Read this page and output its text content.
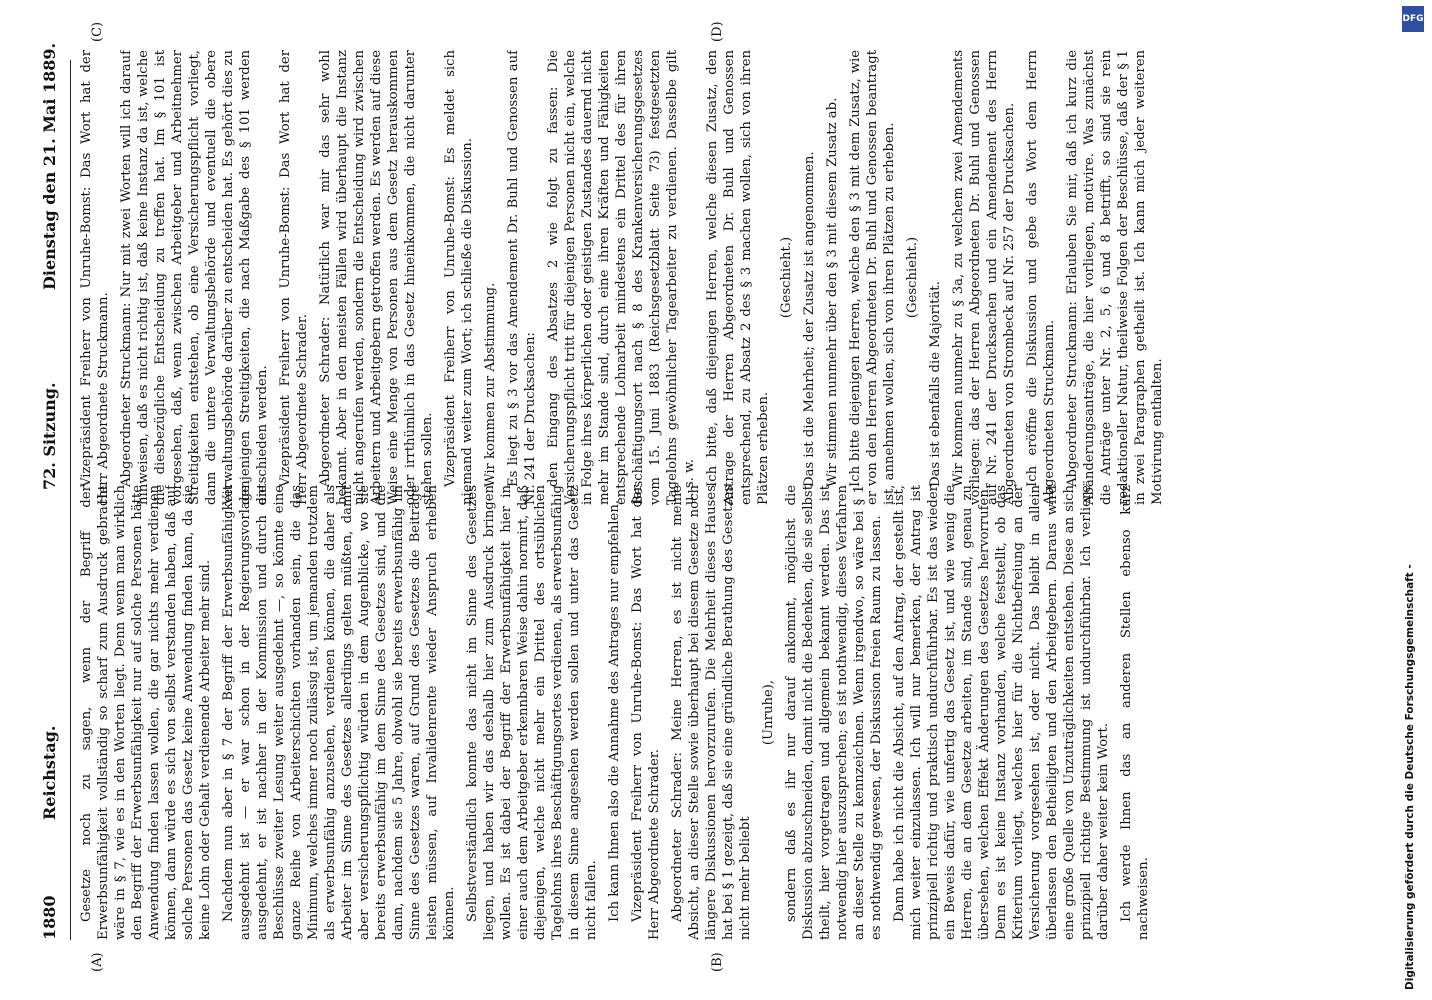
1880
Reichstag.
72. Sitzung.
Dienstag den 21. Mai 1889.
(A)	(B)
(C)	(D)

Gesetze noch zu sagen, wenn der Begriff der Erwerbsunfähigkeit vollständig so scharf zum Ausdruck gebracht wäre in § 7, wie es in den Worten liegt. Denn wenn man wirklich den Begriff der Erwerbsunfähigkeit nur auf solche Personen hätte Anwendung finden lassen wollen, die gar nichts mehr verdienen können, dann würde es sich von selbst verstanden haben, daß auf solche Personen das Gesetz keine Anwendung finden kann, da sie keine Lohn oder Gehalt verdienende Arbeiter mehr sind. Nachdem nun aber in § 7 der Begriff der Erwerbsunfähigkeit ausgedehnt ist — er war schon in der Regierungsvorlage ausgedehnt, er ist nachher in der Kommission und durch die Beschlüsse zweiter Lesung weiter ausgedehnt —, so könnte eine ganze Reihe von Arbeiterschichten vorhanden sein, die das Minimum, welches immer noch zulässig ist, um jemanden trotzdem als erwerbsunfähig anzusehen, verdienen können, die daher als Arbeiter im Sinne des Gesetzes allerdings gelten müßten, damit aber versicherungspflichtig würden in dem Augenblicke, wo sie bereits erwerbsunfähig im dem Sinne des Gesetzes sind, und die dann, nachdem sie 5 Jahre, obwohl sie bereits erwerbsunfähig im Sinne des Gesetzes waren, auf Grund des Gesetzes die Beiträge leisten müssen, auf Invalidenrente wieder Anspruch erheben können. Selbstverständlich konnte das nicht im Sinne des Gesetzes liegen, und haben wir das deshalb hier zum Ausdruck bringen wollen. Es ist dabei der Begriff der Erwerbsunfähigkeit hier in einer auch dem Arbeitgeber erkennbaren Weise dahin normirt, daß diejenigen, welche nicht mehr ein Drittel des ortsüblichen Tagelohns ihres Beschäftigungsortes verdienen, als erwerbsunfähig in diesem Sinne angesehen werden sollen und unter das Gesetz nicht fallen. Ich kann Ihnen also die Annahme des Antrages nur empfehlen. Vizepräsident Freiherr von Unruhe-Bomst: Das Wort hat der Herr Abgeordnete Schrader. Abgeordneter Schrader: Meine Herren, es ist nicht meine Absicht, an dieser Stelle sowie überhaupt bei diesem Gesetze noch längere Diskussionen hervorzurufen. Die Mehrheit dieses Hauses hat bei § 1 gezeigt, daß sie eine gründliche Berathung des Gesetzes nicht mehr beliebt

(Unruhe), sondern daß es ihr nur darauf ankommt, möglichst die Diskussion abzuschneiden, damit nicht die Bedenken, die sie selbst theilt, hier vorgetragen und allgemein bekannt werden. Das ist notwendig hier auszusprechen; es ist nothwendig, dieses Verfahren an dieser Stelle zu kennzeichnen. Wenn irgendwo, so wäre bei § 1 es nothwendig gewesen, der Diskussion freien Raum zu lassen. Dann habe ich nicht die Absicht, auf den Antrag, der gestellt ist, mich weiter einzulassen. Ich will nur bemerken, der Antrag ist prinzipiell richtig und praktisch undurchführbar. Es ist das wieder ein Beweis dafür, wie unfertig das Gesetz ist, und wie wenig die Herren, die an dem Gesetze arbeiten, im Stande sind, genau zu übersehen, welchen Effekt Änderungen des Gesetzes hervorrufen. Denn es ist keine Instanz vorhanden, welche feststellt, ob das Kriterium vorliegt, welches hier für die Nichtbefreiung an der Versicherung vorgesehen ist, oder nicht. Das bleibt in allein überlassen den Betheiligten und den Arbeitgebern. Daraus wird eine große Quelle von Unzuträglichkeiten entstehen. Diese an sich prinzipiell richtige Bestimmung ist undurchführbar. Ich verliere darüber daher weiter kein Wort. Ich werde Ihnen das an anderen Stellen ebenso kurz nachweisen.

Vizepräsident Freiherr von Unruhe-Bomst: Das Wort hat der Herr Abgeordnete Struckmann. Abgeordneter Struckmann: Nur mit zwei Worten will ich darauf hinweisen, daß es nicht richtig ist, daß keine Instanz da ist, welche die diesbezügliche Entscheidung zu treffen hat. Im § 101 ist vorgesehen, daß, wenn zwischen Arbeitgeber und Arbeitnehmer Streitigkeiten entstehen, ob eine Versicherungspflicht vorliegt, dann die untere Verwaltungsbehörde und eventuell die obere Verwaltungsbehörde darüber zu entscheiden hat. Es gehört dies zu denjenigen Streitigkeiten, die nach Maßgabe des § 101 werden entschieden werden. Vizepräsident Freiherr von Unruhe-Bomst: Das Wort hat der Herr Abgeordnete Schrader. Abgeordneter Schrader: Natürlich war mir das sehr wohl bekannt. Aber in den meisten Fällen wird überhaupt die Instanz nicht angerufen werden, sondern die Entscheidung wird zwischen Arbeitern und Arbeitgebern getroffen werden. Es werden auf diese Weise eine Menge von Personen aus dem Gesetz herauskommen oder irrthümlich in das Gesetz hineinkommen, die nicht darunter stehen sollen. Vizepräsident Freiherr von Unruhe-Bomst: Es meldet sich niemand weiter zum Wort; ich schließe die Diskussion. Wir kommen zur Abstimmung. Es liegt zu § 3 vor das Amendement Dr. Buhl und Genossen auf Nr. 241 der Drucksachen: den Eingang des Absatzes 2 wie folgt zu fassen: Die Versicherungspflicht tritt für diejenigen Personen nicht ein, welche in Folge ihres körperlichen oder geistigen Zustandes dauernd nicht mehr im Stande sind, durch eine ihren Kräften und Fähigkeiten entsprechende Lohnarbeit mindestens ein Drittel des für ihren Beschäftigungsort nach § 8 des Krankenversicherungsgesetzes vom 15. Juni 1883 (Reichsgesetzblatt Seite 73) festgesetzten Tagelohns gewöhnlicher Tagearbeiter zu verdienen. Dasselbe gilt u. s. w. Ich bitte, daß diejenigen Herren, welche diesen Zusatz, den Antrage der Herren Abgeordneten Dr. Buhl und Genossen entsprechend, zu Absatz 2 des § 3 machen wollen, sich von ihren Plätzen erheben.

(Geschieht.) Das ist die Mehrheit; der Zusatz ist angenommen. Wir stimmen nunmehr über den § 3 mit diesem Zusatz ab. Ich bitte diejenigen Herren, welche den § 3 mit dem Zusatz, wie er von den Herren Abgeordneten Dr. Buhl und Genossen beantragt ist, annehmen wollen, sich von ihren Plätzen zu erheben. (Geschieht.)

Das ist ebenfalls die Majorität. Wir kommen nunmehr zu § 3a, zu welchem zwei Amendements vorliegen: das der Herren Abgeordneten Dr. Buhl und Genossen auf Nr. 241 der Drucksachen und ein Amendement des Herrn Abgeordneten von Strombeck auf Nr. 257 der Drucksachen. Ich eröffne die Diskussion und gebe das Wort dem Herrn Abgeordneten Struckmann. Abgeordneter Struckmann: Erlauben Sie mir, daß ich kurz die Abänderungsanträge, die hier vorliegen, motivire. Was zunächst die Anträge unter Nr. 2, 5, 6 und 8 betrifft, so sind sie rein redaktioneller Natur, theilweise Folgen der Beschlüsse, daß der § 1 in zwei Paragraphen getheilt ist. Ich kann mich jeder weiteren Motivirung enthalten.

DFG
Digitalisierung gefördert durch die Deutsche Forschungsgemeinschaft -
